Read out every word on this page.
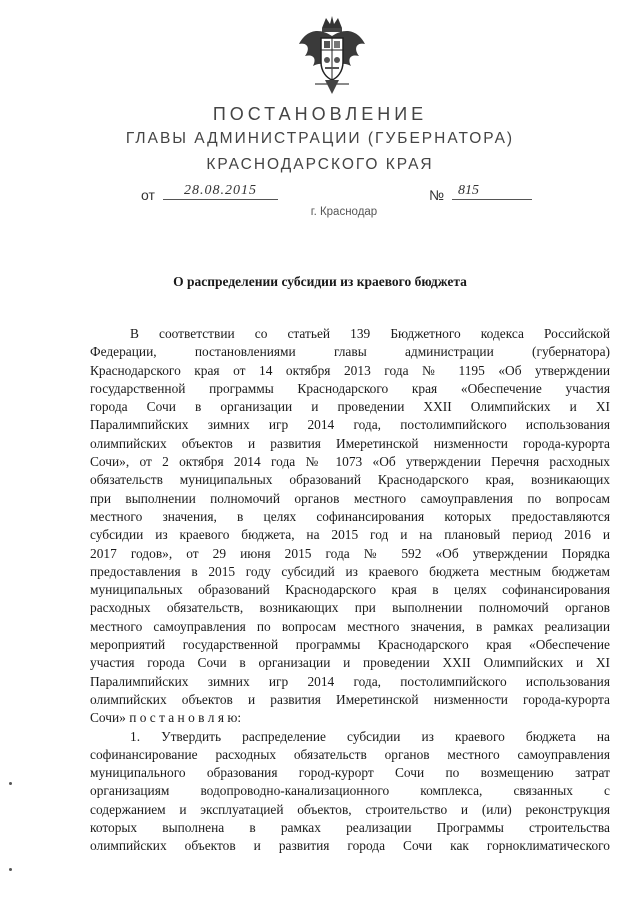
ПОСТАНОВЛЕНИЕ
ГЛАВЫ АДМИНИСТРАЦИИ (ГУБЕРНАТОРА)
КРАСНОДАРСКОГО КРАЯ
от	28.08.2015	№ 815
г. Краснодар
О распределении субсидии из краевого бюджета
В соответствии со статьей 139 Бюджетного кодекса Российской
Федерации, постановлениями главы администрации (губернатора)
Краснодарского края от 14 октября 2013 года № 1195 «Об утверждении
государственной программы Краснодарского края «Обеспечение участия
города Сочи в организации и проведении XXII Олимпийских и XI
Паралимпийских зимних игр 2014 года, постолимпийского использования
олимпийских объектов и развития Имеретинской низменности города-курорта
Сочи», от 2 октября 2014 года № 1073 «Об утверждении Перечня расходных
обязательств муниципальных образований Краснодарского края, возникающих
при выполнении полномочий органов местного самоуправления по вопросам
местного значения, в целях софинансирования которых предоставляются
субсидии из краевого бюджета, на 2015 год и на плановый период 2016 и
2017 годов», от 29 июня 2015 года № 592 «Об утверждении Порядка
предоставления в 2015 году субсидий из краевого бюджета местным бюджетам
муниципальных образований Краснодарского края в целях софинансирования
расходных обязательств, возникающих при выполнении полномочий органов
местного самоуправления по вопросам местного значения, в рамках реализации
мероприятий государственной программы Краснодарского края «Обеспечение
участия города Сочи в организации и проведении XXII Олимпийских и XI
Паралимпийских зимних игр 2014 года, постолимпийского использования
олимпийских объектов и развития Имеретинской низменности города-курорта
Сочи» п о с т а н о в л я ю:
1. Утвердить распределение субсидии из краевого бюджета на
софинансирование расходных обязательств органов местного самоуправления
муниципального образования город-курорт Сочи по возмещению затрат
организациям водопроводно-канализационного комплекса, связанных с
содержанием и эксплуатацией объектов, строительство и (или) реконструкция
которых выполнена в рамках реализации Программы строительства
олимпийских объектов и развития города Сочи как горноклиматического
